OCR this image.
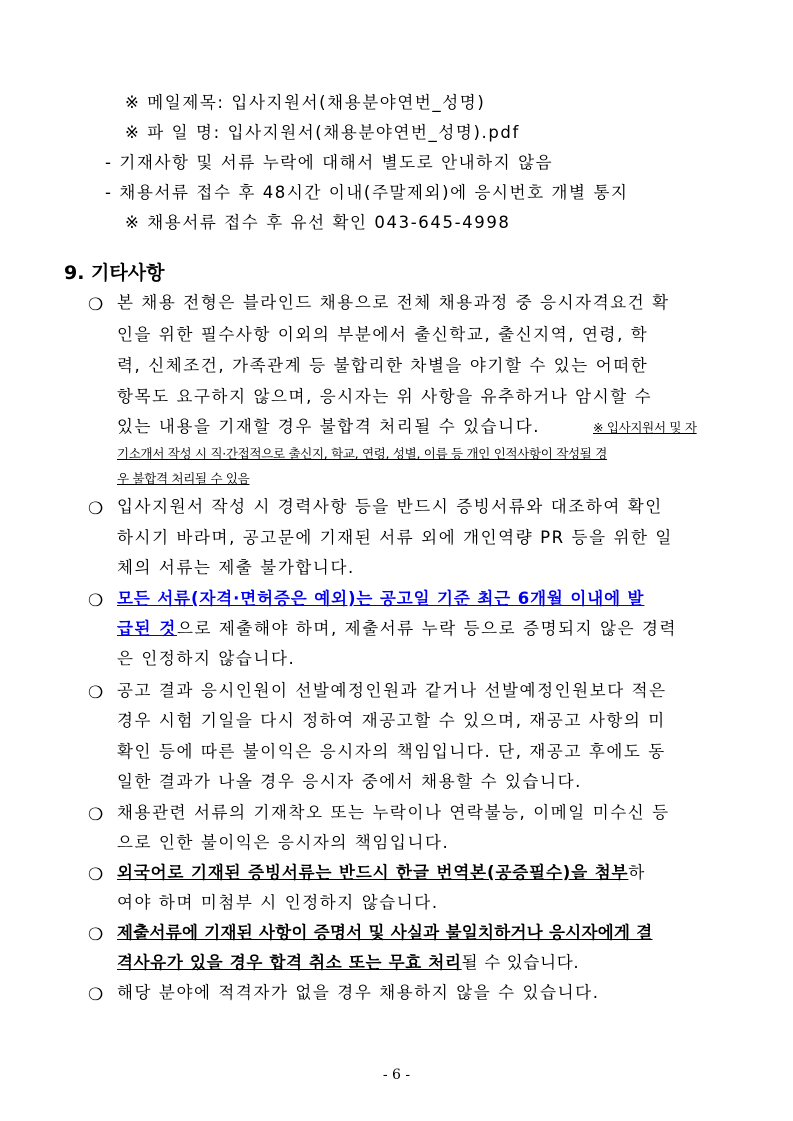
※ 메일제목: 입사지원서(채용분야연번_성명)
※ 파 일 명: 입사지원서(채용분야연번_성명).pdf
- 기재사항 및 서류 누락에 대해서 별도로 안내하지 않음
- 채용서류 접수 후 48시간 이내(주말제외)에 응시번호 개별 통지
※ 채용서류 접수 후 유선 확인 043-645-4998
9. 기타사항
❍ 본 채용 전형은 블라인드 채용으로 전체 채용과정 중 응시자격요건 확
인을 위한 필수사항 이외의 부분에서 출신학교, 출신지역, 연령, 학
력, 신체조건, 가족관계 등 불합리한 차별을 야기할 수 있는 어떠한
항목도 요구하지 않으며, 응시자는 위 사항을 유추하거나 암시할 수
있는 내용을 기재할 경우 불합격 처리될 수 있습니다.	※ 입사지원서 및 자
기소개서 작성 시 직·간접적으로 출신지, 학교, 연령, 성별, 이름 등 개인 인적사항이 작성될 경
우 불합격 처리될 수 있음
❍ 입사지원서 작성 시 경력사항 등을 반드시 증빙서류와 대조하여 확인
하시기 바라며, 공고문에 기재된 서류 외에 개인역량 PR 등을 위한 일
체의 서류는 제출 불가합니다.
❍ 모든 서류(자격·면허증은 예외)는 공고일 기준 최근 6개월 이내에 발
급된 것으로 제출해야 하며, 제출서류 누락 등으로 증명되지 않은 경력
은 인정하지 않습니다.
❍ 공고 결과 응시인원이 선발예정인원과 같거나 선발예정인원보다 적은
경우 시험 기일을 다시 정하여 재공고할 수 있으며, 재공고 사항의 미
확인 등에 따른 불이익은 응시자의 책임입니다. 단, 재공고 후에도 동
일한 결과가 나올 경우 응시자 중에서 채용할 수 있습니다.
❍ 채용관련 서류의 기재착오 또는 누락이나 연락불능, 이메일 미수신 등
으로 인한 불이익은 응시자의 책임입니다.
❍ 외국어로 기재된 증빙서류는 반드시 한글 번역본(공증필수)을 첨부하
여야 하며 미첨부 시 인정하지 않습니다.
❍ 제출서류에 기재된 사항이 증명서 및 사실과 불일치하거나 응시자에게 결
격사유가 있을 경우 합격 취소 또는 무효 처리될 수 있습니다.
❍ 해당 분야에 적격자가 없을 경우 채용하지 않을 수 있습니다.
- 6 -
